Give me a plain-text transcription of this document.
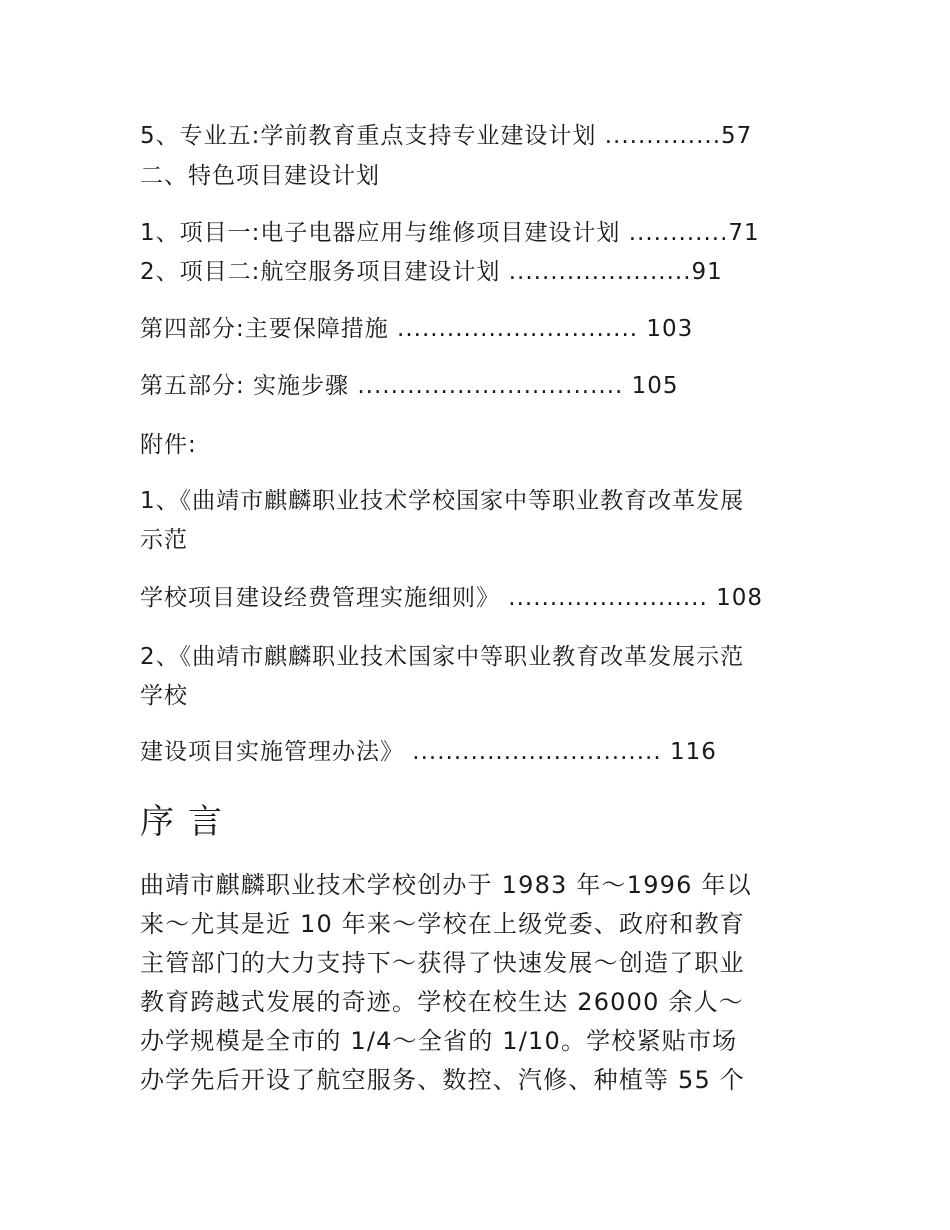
5、专业五:学前教育重点支持专业建设计划 ..............57
二、特色项目建设计划
1、项目一:电子电器应用与维修项目建设计划 ............71
2、项目二:航空服务项目建设计划 ......................91
第四部分:主要保障措施 ............................. 103
第五部分: 实施步骤 ................................ 105
附件:
1、《曲靖市麒麟职业技术学校国家中等职业教育改革发展
示范
学校项目建设经费管理实施细则》 ........................ 108
2、《曲靖市麒麟职业技术国家中等职业教育改革发展示范
学校
建设项目实施管理办法》 .............................. 116
序言
曲靖市麒麟职业技术学校创办于 1983 年～1996 年以
来～尤其是近 10 年来～学校在上级党委、政府和教育
主管部门的大力支持下～获得了快速发展～创造了职业
教育跨越式发展的奇迹。学校在校生达 26000 余人～
办学规模是全市的 1/4～全省的 1/10。学校紧贴市场
办学先后开设了航空服务、数控、汽修、种植等 55 个
